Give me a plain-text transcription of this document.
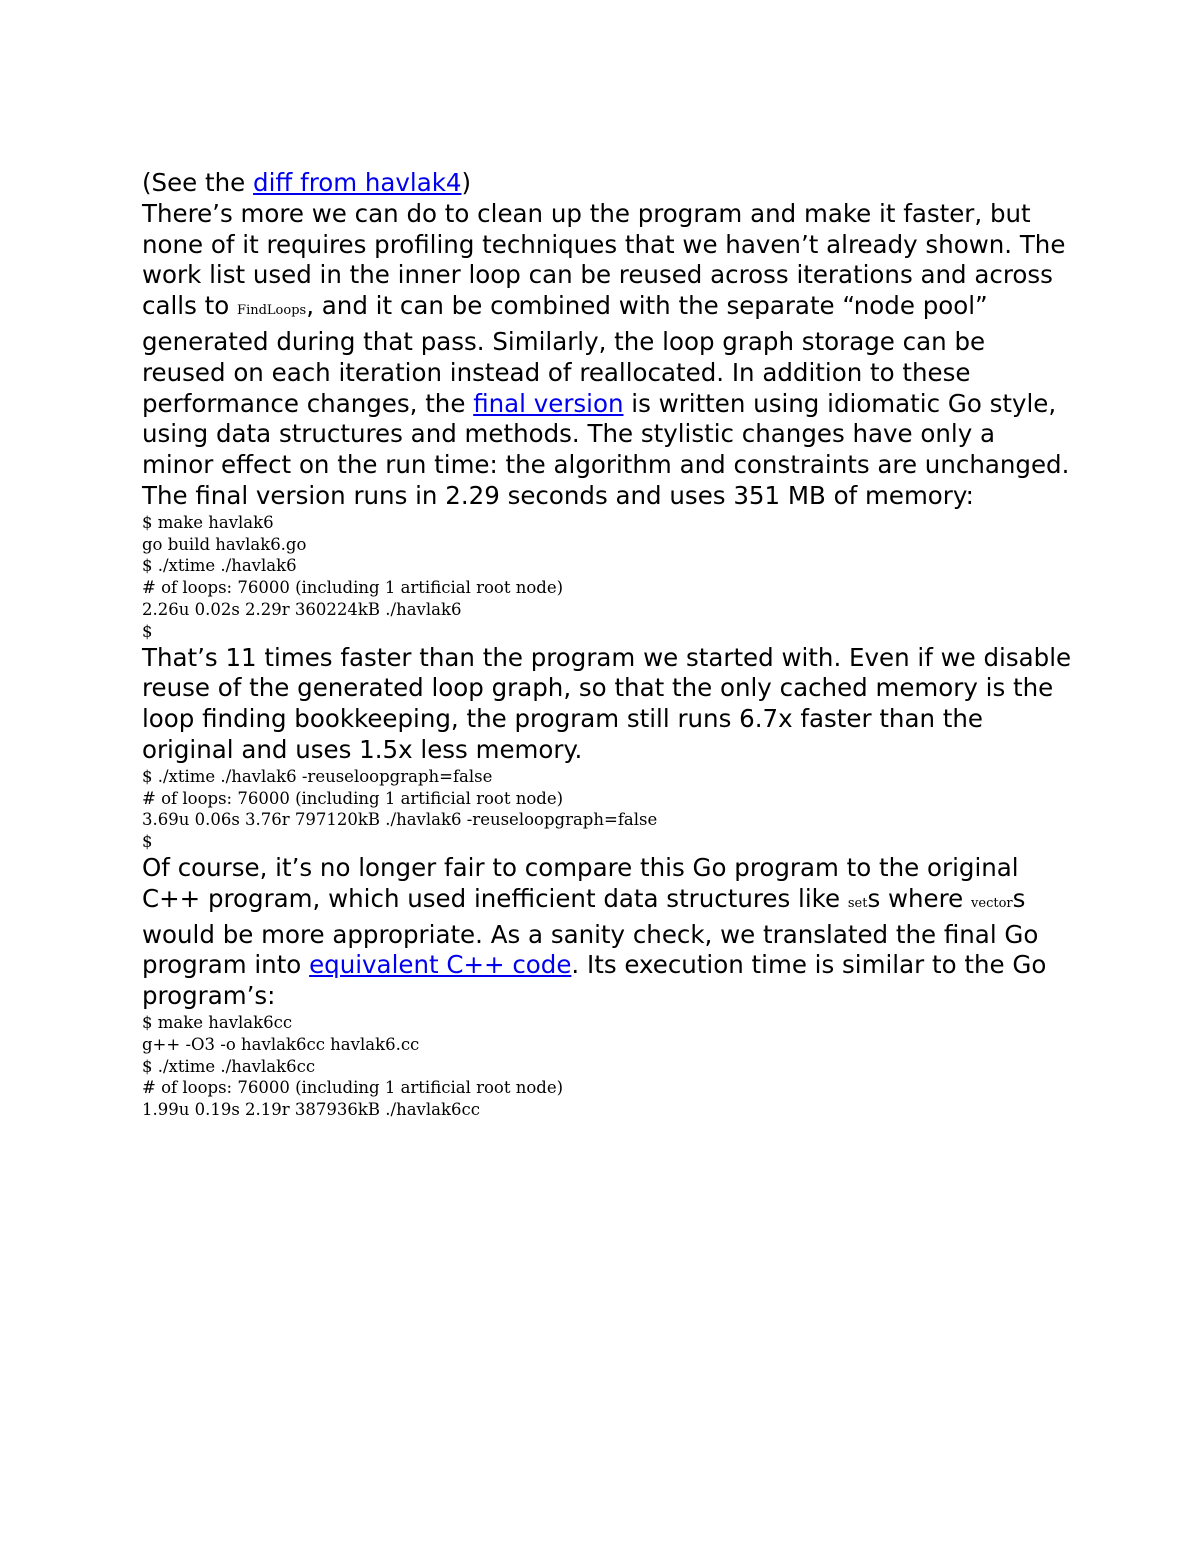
(See the diff from havlak4)

There’s more we can do to clean up the program and make it faster, but none of it requires profiling techniques that we haven’t already shown. The work list used in the inner loop can be reused across iterations and across calls to FindLoops, and it can be combined with the separate “node pool” generated during that pass. Similarly, the loop graph storage can be reused on each iteration instead of reallocated. In addition to these performance changes, the final version is written using idiomatic Go style, using data structures and methods. The stylistic changes have only a minor effect on the run time: the algorithm and constraints are unchanged.

The final version runs in 2.29 seconds and uses 351 MB of memory:

$ make havlak6
go build havlak6.go
$ ./xtime ./havlak6
# of loops: 76000 (including 1 artificial root node)
2.26u 0.02s 2.29r 360224kB ./havlak6
$

That’s 11 times faster than the program we started with. Even if we disable reuse of the generated loop graph, so that the only cached memory is the loop finding bookkeeping, the program still runs 6.7x faster than the original and uses 1.5x less memory.

$ ./xtime ./havlak6 -reuseloopgraph=false
# of loops: 76000 (including 1 artificial root node)
3.69u 0.06s 3.76r 797120kB ./havlak6 -reuseloopgraph=false
$

Of course, it’s no longer fair to compare this Go program to the original C++ program, which used inefficient data structures like sets where vectors would be more appropriate. As a sanity check, we translated the final Go program into equivalent C++ code. Its execution time is similar to the Go program’s:

$ make havlak6cc
g++ -O3 -o havlak6cc havlak6.cc
$ ./xtime ./havlak6cc
# of loops: 76000 (including 1 artificial root node)
1.99u 0.19s 2.19r 387936kB ./havlak6cc
